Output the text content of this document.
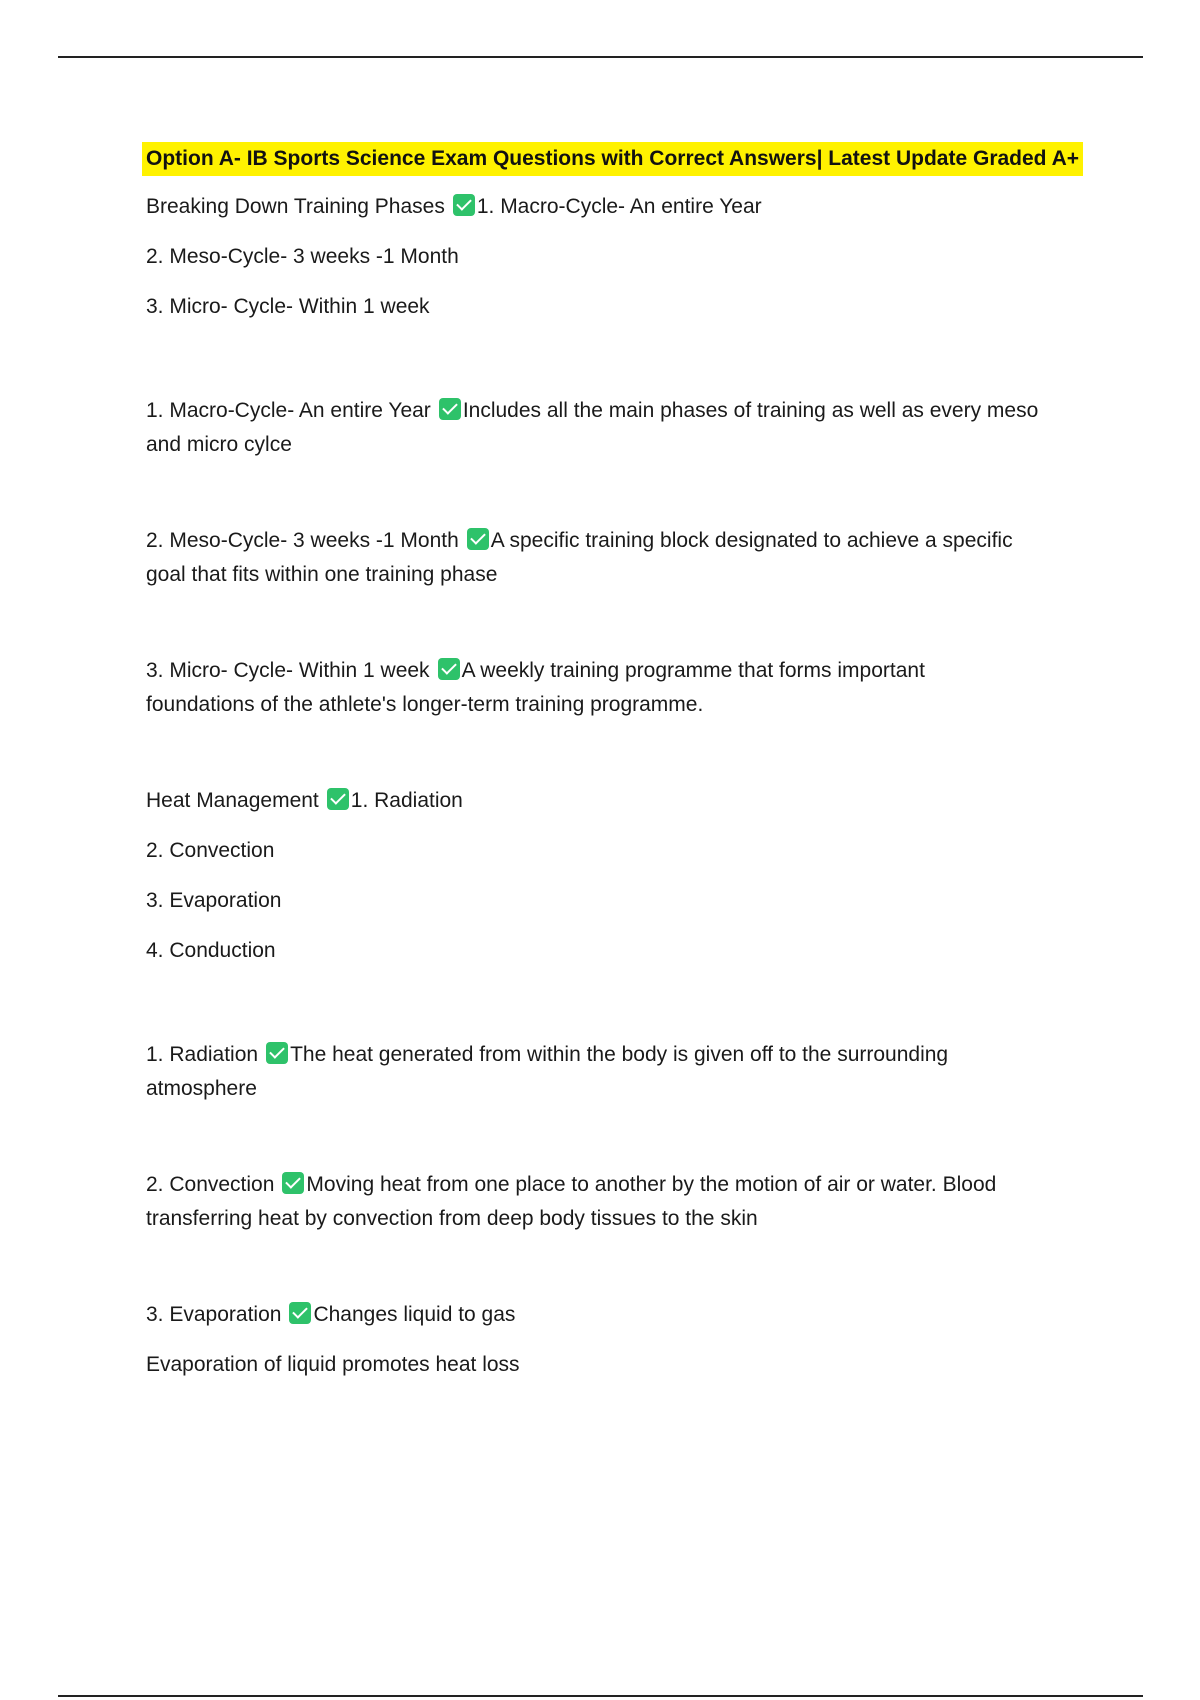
Option A- IB Sports Science Exam Questions with Correct Answers| Latest Update Graded A+
Breaking Down Training Phases 1. Macro-Cycle- An entire Year
2. Meso-Cycle- 3 weeks -1 Month
3. Micro- Cycle- Within 1 week
1. Macro-Cycle- An entire Year Includes all the main phases of training as well as every meso
and micro cylce
2. Meso-Cycle- 3 weeks -1 Month A specific training block designated to achieve a specific
goal that fits within one training phase
3. Micro- Cycle- Within 1 week A weekly training programme that forms important
foundations of the athlete's longer-term training programme.
Heat Management 1. Radiation
2. Convection
3. Evaporation
4. Conduction
1. Radiation The heat generated from within the body is given off to the surrounding
atmosphere
2. Convection Moving heat from one place to another by the motion of air or water. Blood
transferring heat by convection from deep body tissues to the skin
3. Evaporation Changes liquid to gas
Evaporation of liquid promotes heat loss
